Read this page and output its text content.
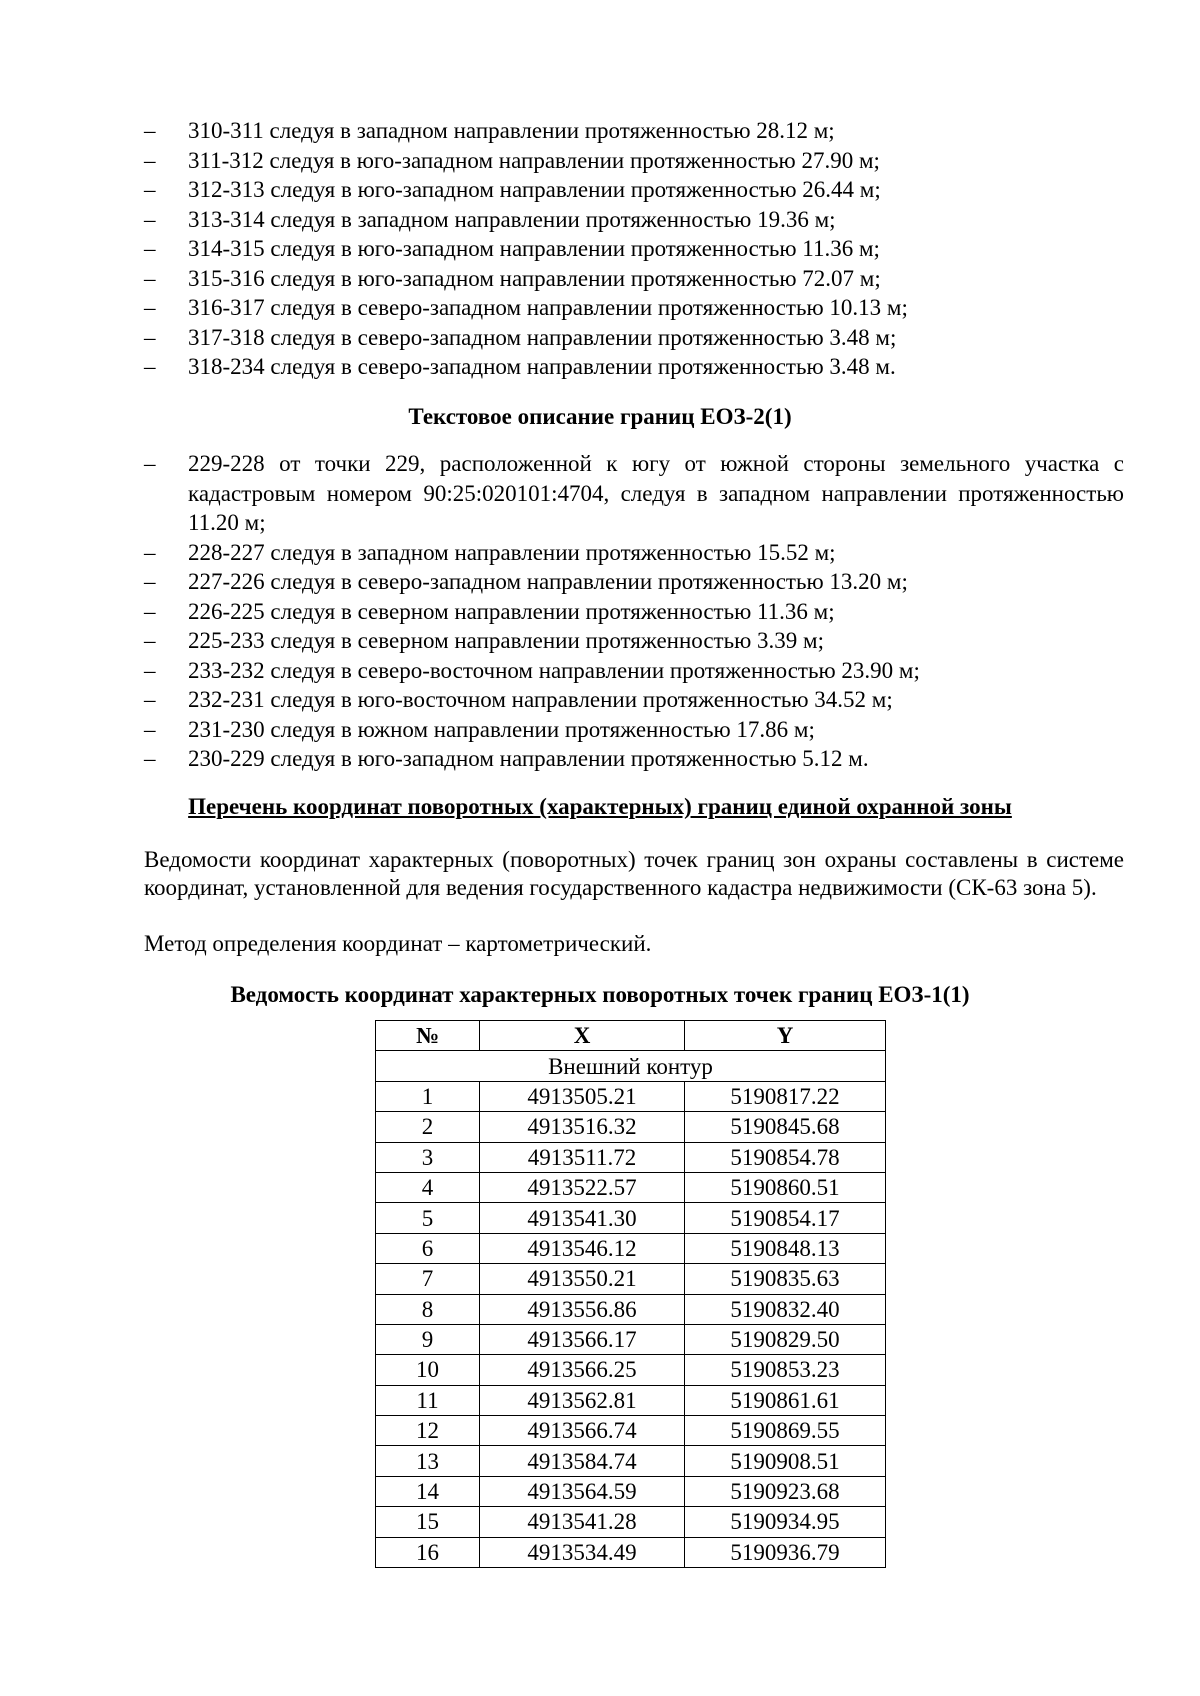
– 310-311 следуя в западном направлении протяженностью 28.12 м;
– 311-312 следуя в юго-западном направлении протяженностью 27.90 м;
– 312-313 следуя в юго-западном направлении протяженностью 26.44 м;
– 313-314 следуя в западном направлении протяженностью 19.36 м;
– 314-315 следуя в юго-западном направлении протяженностью 11.36 м;
– 315-316 следуя в юго-западном направлении протяженностью 72.07 м;
– 316-317 следуя в северо-западном направлении протяженностью 10.13 м;
– 317-318 следуя в северо-западном направлении протяженностью 3.48 м;
– 318-234 следуя в северо-западном направлении протяженностью 3.48 м.
Текстовое описание границ ЕОЗ-2(1)
– 229-228 от точки 229, расположенной к югу от южной стороны земельного участка с кадастровым номером 90:25:020101:4704, следуя в западном направлении протяженностью 11.20 м;
– 228-227 следуя в западном направлении протяженностью 15.52 м;
– 227-226 следуя в северо-западном направлении протяженностью 13.20 м;
– 226-225 следуя в северном направлении протяженностью 11.36 м;
– 225-233 следуя в северном направлении протяженностью 3.39 м;
– 233-232 следуя в северо-восточном направлении протяженностью 23.90 м;
– 232-231 следуя в юго-восточном направлении протяженностью 34.52 м;
– 231-230 следуя в южном направлении протяженностью 17.86 м;
– 230-229 следуя в юго-западном направлении протяженностью 5.12 м.
Перечень координат поворотных (характерных) границ единой охранной зоны

Ведомости координат характерных (поворотных) точек границ зон охраны составлены в системе координат, установленной для ведения государственного кадастра недвижимости (СК-63 зона 5).

Метод определения координат – картометрический.

Ведомость координат характерных поворотных точек границ ЕОЗ-1(1)
№	X	Y
Внешний контур		
1	4913505.21	5190817.22
2	4913516.32	5190845.68
3	4913511.72	5190854.78
4	4913522.57	5190860.51
5	4913541.30	5190854.17
6	4913546.12	5190848.13
7	4913550.21	5190835.63
8	4913556.86	5190832.40
9	4913566.17	5190829.50
10	4913566.25	5190853.23
11	4913562.81	5190861.61
12	4913566.74	5190869.55
13	4913584.74	5190908.51
14	4913564.59	5190923.68
15	4913541.28	5190934.95
16	4913534.49	5190936.79
